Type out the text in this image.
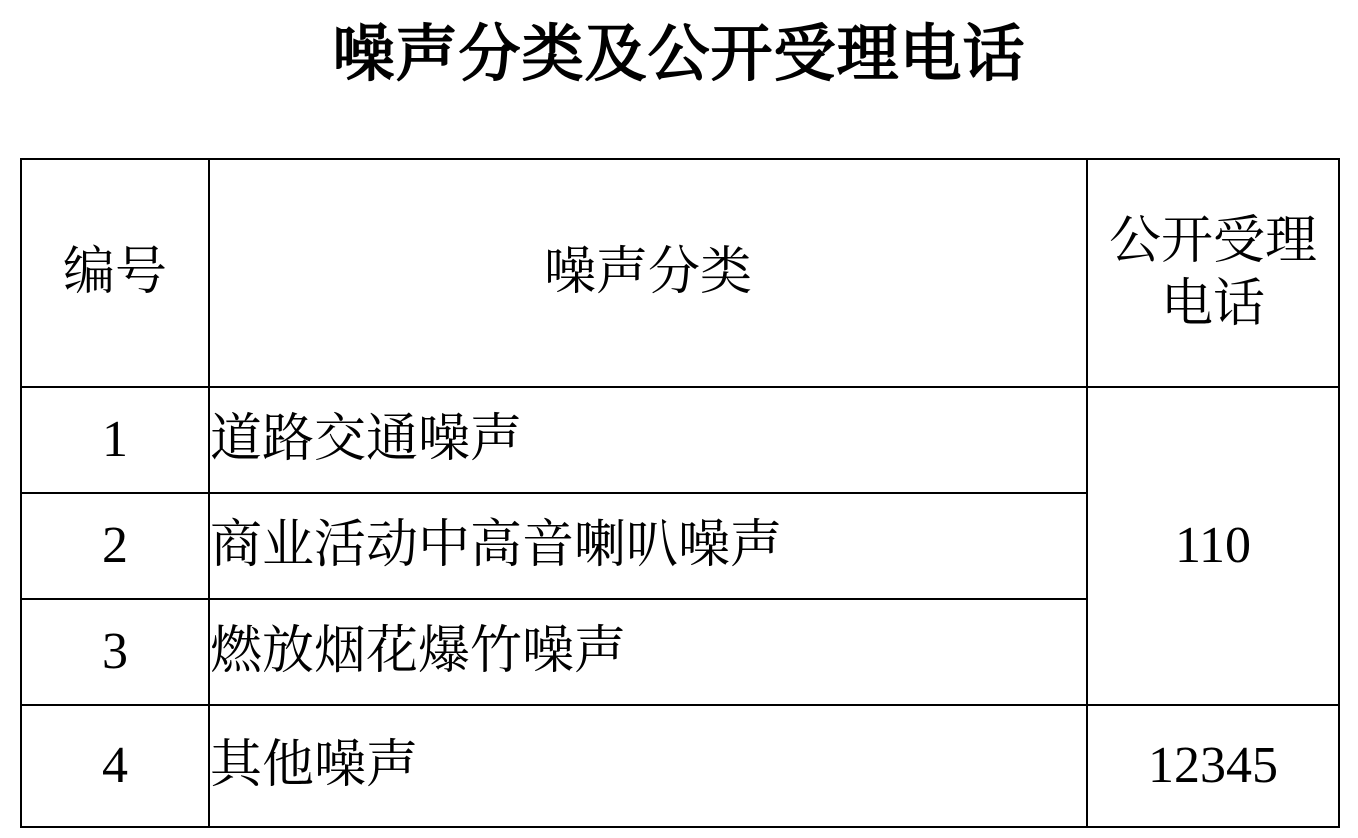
噪声分类及公开受理电话
编号	噪声分类	公开受理电话

1	道路交通噪声	110

2	商业活动中高音喇叭噪声	

3	燃放烟花爆竹噪声	

4	其他噪声	12345
